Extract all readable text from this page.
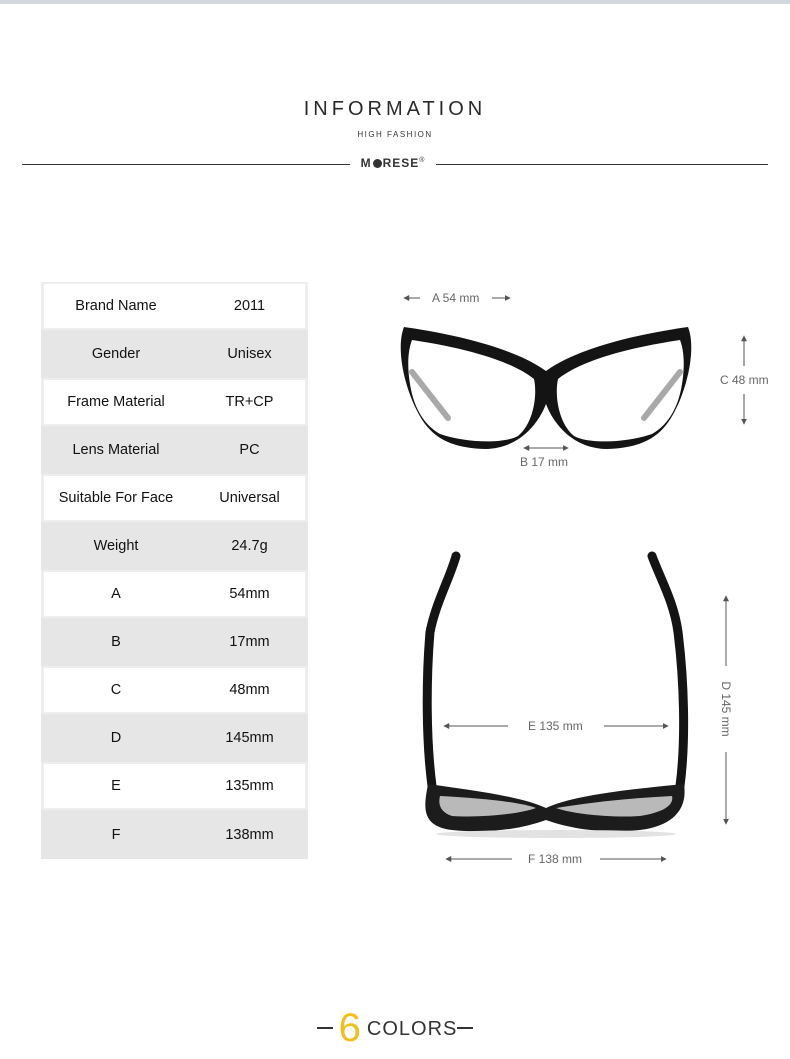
INFORMATION
HIGH FASHION
M RESE®
Brand Name	2011
Gender	Unisex
Frame Material	TR+CP
Lens Material	PC
Suitable For Face	Universal
Weight	24.7g
A	54mm
B	17mm
C	48mm
D	145mm
E	135mm
F	138mm
A 54 mm
B 17 mm
C 48 mm
D 145 mm
E 135 mm
F 138 mm
6 COLORS
